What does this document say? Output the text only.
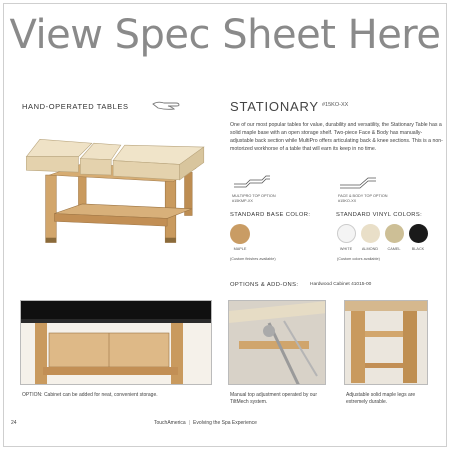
View Spec Sheet Here
HAND-OPERATED TABLES	STATIONARY #15KO-XX
One of our most popular tables for value, durability and versatility, the Stationary Table has a solid maple base with an open storage shelf. Two-piece Face & Body has manually-adjustable back section while MultiPro offers articulating back & knee sections. This is a non-motorized workhorse of a table that will earn its keep in no time.
MULTIPRO TOP OPTION
#15KMP-XX
FACE & BODY TOP OPTION
#15KO-XX
STANDARD BASE COLOR:
MAPLE
(Custom finishes available)
STANDARD VINYL COLORS:
WHITE	ALMOND	CAMEL	BLACK
(Custom colors available)
OPTIONS & ADD-ONS: Hardwood Cabinet 41015-00
OPTION: Cabinet can be added for neat, convenient storage.	Manual top adjustment operated by our TiltMech system.
Adjustable solid maple legs are extremely durable.
24	TouchAmerica | Evolving the Spa Experience
